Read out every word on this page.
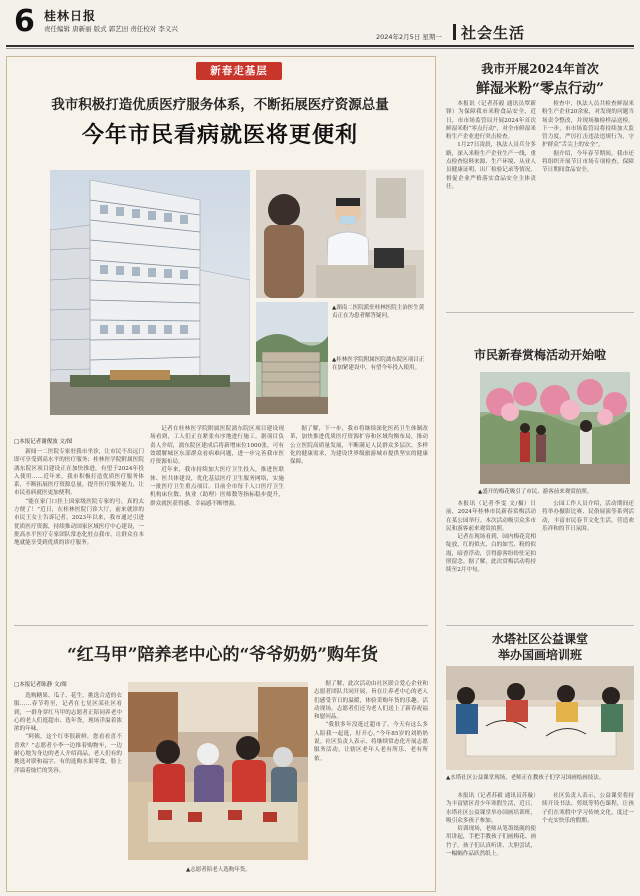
6 桂林日报
责任编辑 唐新丽 版式 郭艺田 责任校对 李义兴
2024年2月5日 星期一 社会生活
新春走基层
我市积极打造优质医疗服务体系，不断拓展医疗资源总量
今年市民看病就医将更便利
▲湖南二医院派驻桂林医院主治医生黄贞正在为患者解答疑问。
▲桂林医学院附属医院漓东院区项目正在加紧建设中，有望今年投入使用。
□本报记者谢俊波 文/图

新闻一二医院专家驻我市坐诊，让市民不出远门即可享受到高水平的医疗服务；桂林医学院附属医院漓东院区项目建设正在加快推进，有望于2024年投入使用……近年来，我市积极打造优质医疗服务体系，不断拓展医疗资源总量，提升医疗服务能力，让市民看病就医更加便利。

“能在家门口挂上国家级医院专家的号，真的太方便了！”近日，在桂林医院门诊大厅，前来就诊的市民王女士告诉记者。2023年以来，我市通过引进优质医疗资源，持续推动国家区域医疗中心建设，一批高水平医疗专家团队常态化驻点我市，让群众在本地就能享受到优质的诊疗服务。

记者在桂林医学院附属医院漓东院区项目建设现场看到，工人们正在紧张有序地进行施工。据项目负责人介绍，漓东院区建成后将新增床位1000张，可有效缓解城区东部群众看病难问题，进一步完善我市医疗资源布局。

近年来，我市持续加大医疗卫生投入，推进医联体、医共体建设，优化基层医疗卫生服务网络，实施一批医疗卫生重点项目。目前全市每千人口医疗卫生机构床位数、执业（助理）医师数等指标稳步提升，群众就医获得感、幸福感不断增强。

据了解，下一步，我市将继续深化医药卫生体制改革，加快推进优质医疗资源扩容和区域均衡布局，推动公立医院高质量发展，不断满足人民群众多层次、多样化的健康需求，为建设世界级旅游城市提供坚实的健康保障。

“红马甲”陪养老中心的“爷爷奶奶”购年货
□本报记者陈静 文/图

选购糖果、瓜子、花生，挑选合适的衣服……春节将至，记者在七星区某社区看到，一群身穿红马甲的志愿者正陪同养老中心的老人们逛超市、选年货，现场洋溢着浓浓的年味。

“阿姨，这个红枣很新鲜，您看看喜不喜欢？”志愿者小李一边推着购物车，一边耐心地为身边的老人介绍商品。老人们有的挑选对联和福字，有的选购水果零食，脸上洋溢着灿烂的笑容。

▲志愿者陪老人选购年货。

据了解，此次活动由社区联合爱心企业和志愿者团队共同开展，旨在让养老中心的老人们感受节日的温暖，体验采购年货的乐趣。活动现场，志愿者们还为老人们送上了新春祝福和慰问品。

“我很多年没逛过超市了，今天有这么多人陪我一起逛，好开心。”今年85岁的刘奶奶说。社区负责人表示，将继续常态化开展志愿服务活动，让辖区老年人老有所乐、老有所依。

我市开展2024年首次
鲜湿米粉“零点行动”

本报讯（记者苏毅 通讯员覃新锋）为保障我市米粉食品安全，近日，市市场监管局开展2024年首次鲜湿米粉“零点行动”，对全市鲜湿米粉生产企业进行突击检查。

1月27日凌晨，执法人员兵分多路，深入米粉生产企业生产一线，重点检查原料来源、生产环境、从业人员健康证明、出厂检验记录等情况，督促企业严格落实食品安全主体责任。

检查中，执法人员共检查鲜湿米粉生产企业20余家，对发现的问题当场责令整改，并现场抽检样品送检。下一步，市市场监管局将持续加大监管力度，严厉打击违法违规行为，守护群众“舌尖上的安全”。

据介绍，今年春节期间，我市还将组织开展节日市场专项检查，保障节日期间食品安全。

市民新春赏梅活动开始啦
▲盛开的梅花吸引了市民、游客前来观赏拍照。

本报讯（记者李雯 文/摄）日前，2024年桂林市民新春赏梅活动在某公园举行。本次活动吸引众多市民和游客前来观赏拍照。

记者在现场看到，园内梅花竞相绽放，红的似火、白的如雪、粉的似霞，暗香浮动，引得游客纷纷驻足拍照留念。据了解，此次赏梅活动将持续至2月中旬。

公园工作人员介绍，活动期间还将举办摄影比赛、民俗展演等系列活动，丰富市民春节文化生活，营造欢乐祥和的节日氛围。

水塔社区公益课堂
举办国画培训班
▲水塔社区公益课堂现场，老师正在教孩子们学习国画绘画技法。

本报讯（记者苏毅 通讯员苏璇）为丰富辖区青少年寒假生活，近日，水塔社区公益课堂举办国画培训班，吸引众多孩子参加。

培训现场，老师从笔墨纸砚的使用讲起，手把手教孩子们画梅花、画竹子。孩子们认真听讲、大胆尝试，一幅幅作品跃然纸上。

社区负责人表示，公益课堂将持续开设书法、剪纸等特色课程，让孩子们在寒假中学习传统文化，度过一个充实快乐的假期。
